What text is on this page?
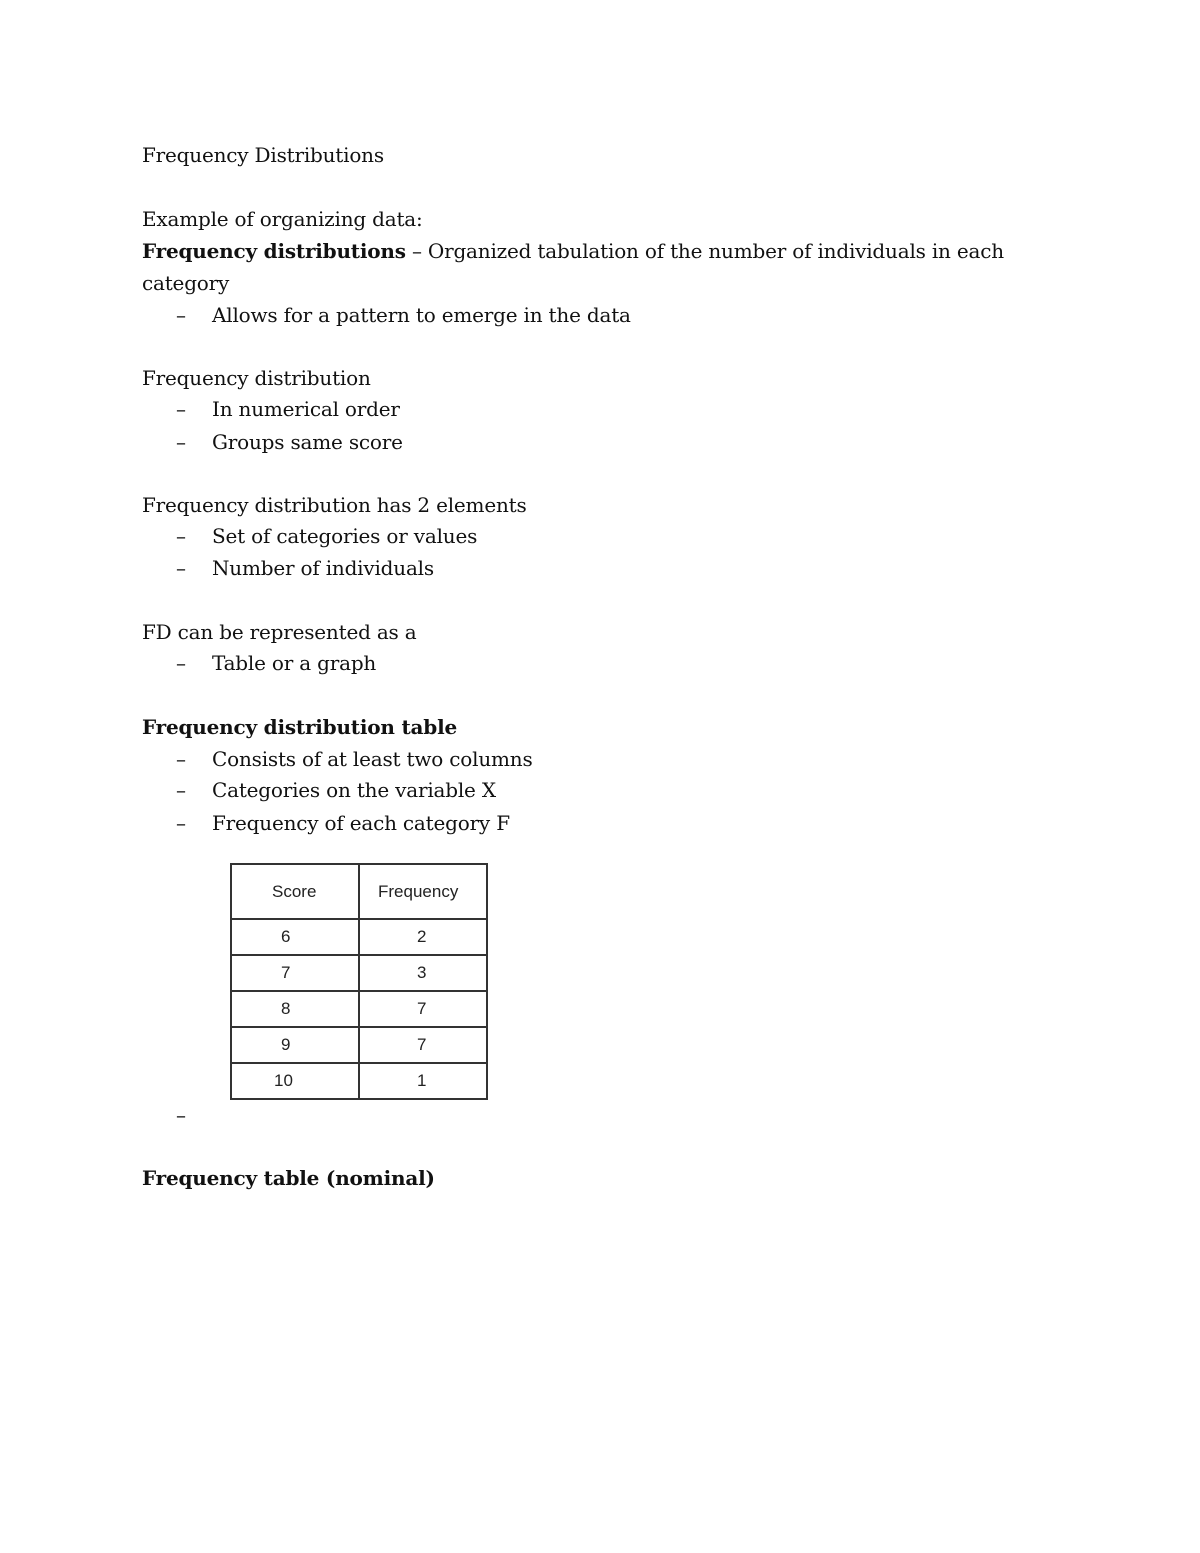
Frequency Distributions
Example of organizing data:
Frequency distributions – Organized tabulation of the number of individuals in each
category
– Allows for a pattern to emerge in the data
Frequency distribution
– In numerical order
– Groups same score
Frequency distribution has 2 elements
– Set of categories or values
– Number of individuals
FD can be represented as a
– Table or a graph
Frequency distribution table
– Consists of at least two columns
– Categories on the variable X
– Frequency of each category F
Score	Frequency

6	2

7	3

8	7

9	7

10	1
–
Frequency table (nominal)
